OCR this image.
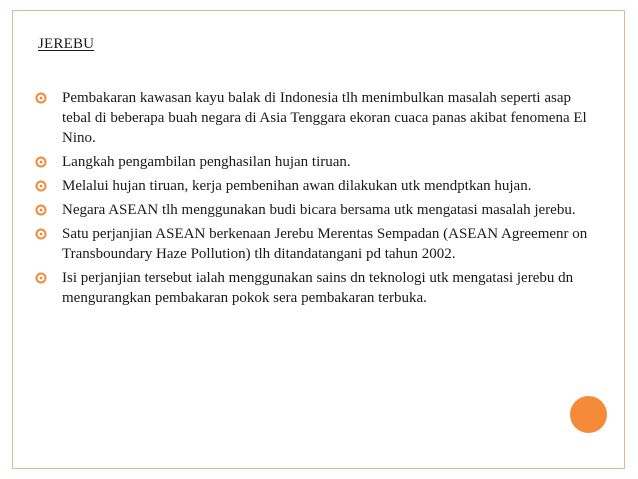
JEREBU
Pembakaran kawasan kayu balak di Indonesia tlh menimbulkan masalah seperti asap tebal di beberapa buah negara di Asia Tenggara ekoran cuaca panas akibat fenomena El Nino.
Langkah pengambilan penghasilan hujan tiruan.
Melalui hujan tiruan, kerja pembenihan awan dilakukan utk mendptkan hujan.
Negara ASEAN tlh menggunakan budi bicara bersama utk mengatasi masalah jerebu.
Satu perjanjian ASEAN berkenaan Jerebu Merentas Sempadan (ASEAN Agreemenr on Transboundary Haze Pollution) tlh ditandatangani pd tahun 2002.
Isi perjanjian tersebut ialah menggunakan sains dn teknologi utk mengatasi jerebu dn mengurangkan pembakaran pokok sera pembakaran terbuka.
